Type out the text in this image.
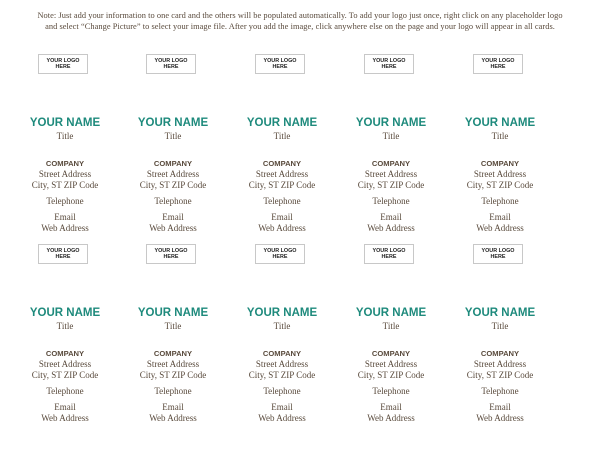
Note: Just add your information to one card and the others will be populated automatically. To add your logo just once, right click on any placeholder logo
and select “Change Picture” to select your image file. After you add the image, click anywhere else on the page and your logo will appear in all cards.
YOUR LOGO
HERE
YOUR NAME
Title
COMPANY
Street Address
City, ST ZIP Code
Telephone
Email
Web Address
YOUR LOGO
HERE
YOUR NAME
Title
COMPANY
Street Address
City, ST ZIP Code
Telephone
Email
Web Address
YOUR LOGO
HERE
YOUR NAME
Title
COMPANY
Street Address
City, ST ZIP Code
Telephone
Email
Web Address
YOUR LOGO
HERE
YOUR NAME
Title
COMPANY
Street Address
City, ST ZIP Code
Telephone
Email
Web Address
YOUR LOGO
HERE
YOUR NAME
Title
COMPANY
Street Address
City, ST ZIP Code
Telephone
Email
Web Address
YOUR LOGO
HERE
YOUR NAME
Title
COMPANY
Street Address
City, ST ZIP Code
Telephone
Email
Web Address
YOUR LOGO
HERE
YOUR NAME
Title
COMPANY
Street Address
City, ST ZIP Code
Telephone
Email
Web Address
YOUR LOGO
HERE
YOUR NAME
Title
COMPANY
Street Address
City, ST ZIP Code
Telephone
Email
Web Address
YOUR LOGO
HERE
YOUR NAME
Title
COMPANY
Street Address
City, ST ZIP Code
Telephone
Email
Web Address
YOUR LOGO
HERE
YOUR NAME
Title
COMPANY
Street Address
City, ST ZIP Code
Telephone
Email
Web Address
